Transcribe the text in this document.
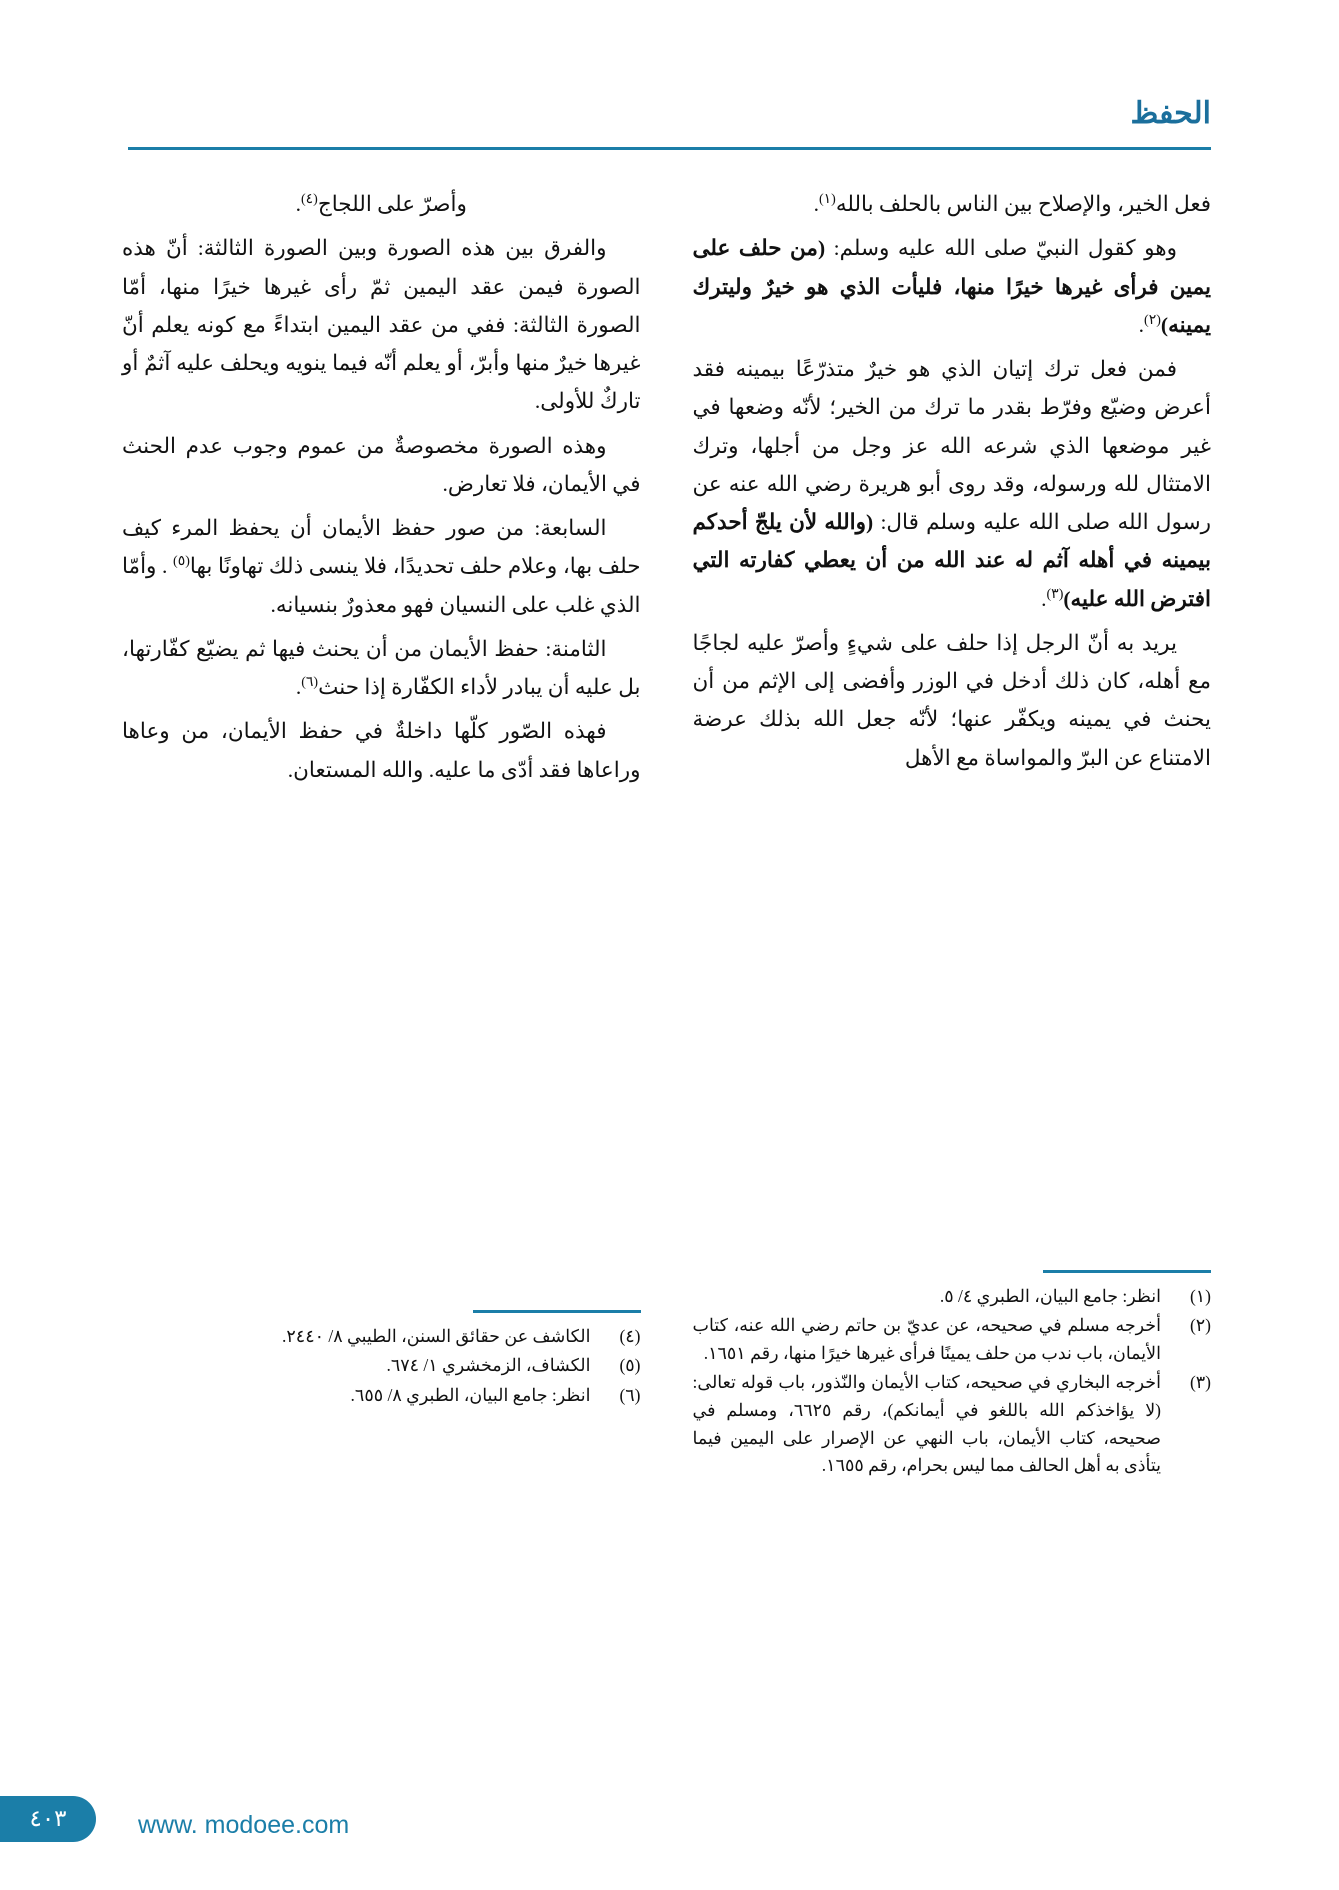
الحفظ

فعل الخير، والإصلاح بين الناس بالحلف بالله$^{(١)}$.

وهو كقول النبيّ صلى الله عليه وسلم: (من حلف على يمين فرأى غيرها خيرًا منها، فليأت الذي هو خيرٌ وليترك يمينه)$^{(٢)}$.

فمن فعل ترك إتيان الذي هو خيرٌ متذرّعًا بيمينه فقد أعرض وضيّع وفرّط بقدر ما ترك من الخير؛ لأنّه وضعها في غير موضعها الذي شرعه الله عز وجل من أجلها، وترك الامتثال لله ورسوله، وقد روى أبو هريرة رضي الله عنه عن رسول الله صلى الله عليه وسلم قال: (والله لأن يلجّ أحدكم بيمينه في أهله آثم له عند الله من أن يعطي كفارته التي افترض الله عليه)$^{(٣)}$.

يريد به أنّ الرجل إذا حلف على شيءٍ وأصرّ عليه لجاجًا مع أهله، كان ذلك أدخل في الوزر وأفضى إلى الإثم من أن يحنث في يمينه ويكفّر عنها؛ لأنّه جعل الله بذلك عرضة الامتناع عن البرّ والمواساة مع الأهل

(١)
انظر: جامع البيان، الطبري ٤/ ٥.
(٢)
أخرجه مسلم في صحيحه، عن عديّ بن حاتم رضي الله عنه، كتاب الأيمان، باب ندب من حلف يمينًا فرأى غيرها خيرًا منها، رقم ١٦٥١.
(٣)
أخرجه البخاري في صحيحه، كتاب الأيمان والنّذور، باب قوله تعالى: (لا يؤاخذكم الله باللغو في أيمانكم)، رقم ٦٦٢٥، ومسلم في صحيحه، كتاب الأيمان، باب النهي عن الإصرار على اليمين فيما يتأذى به أهل الحالف مما ليس بحرام، رقم ١٦٥٥.

وأصرّ على اللجاج$^{(٤)}$.

والفرق بين هذه الصورة وبين الصورة الثالثة: أنّ هذه الصورة فيمن عقد اليمين ثمّ رأى غيرها خيرًا منها، أمّا الصورة الثالثة: ففي من عقد اليمين ابتداءً مع كونه يعلم أنّ غيرها خيرٌ منها وأبرّ، أو يعلم أنّه فيما ينويه ويحلف عليه آثمٌ أو تاركٌ للأولى.

وهذه الصورة مخصوصةٌ من عموم وجوب عدم الحنث في الأيمان، فلا تعارض.

السابعة: من صور حفظ الأيمان أن يحفظ المرء كيف حلف بها، وعلام حلف تحديدًا، فلا ينسى ذلك تهاونًا بها$^{(٥)}$ . وأمّا الذي غلب على النسيان فهو معذورٌ بنسيانه.

الثامنة: حفظ الأيمان من أن يحنث فيها ثم يضيّع كفّارتها، بل عليه أن يبادر لأداء الكفّارة إذا حنث$^{(٦)}$.

فهذه الصّور كلّها داخلةٌ في حفظ الأيمان، من وعاها وراعاها فقد أدّى ما عليه. والله المستعان.

(٤)
الكاشف عن حقائق السنن، الطيبي ٨/ ٢٤٤٠.
(٥)
الكشاف، الزمخشري ١/ ٦٧٤.
(٦)
انظر: جامع البيان، الطبري ٨/ ٦٥٥.
٤٠٣	www. modoee.com
